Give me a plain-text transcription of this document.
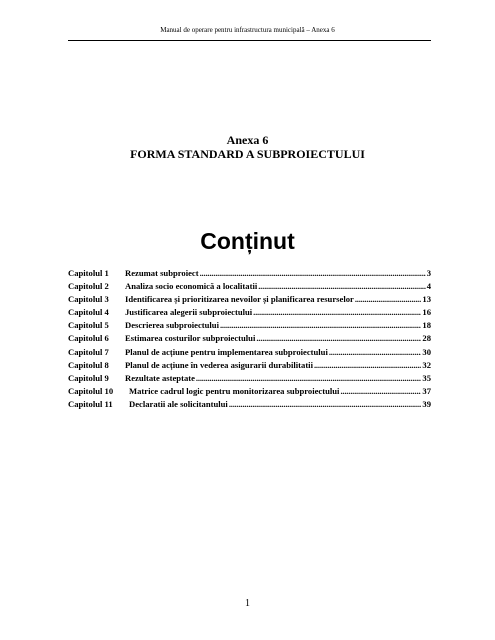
Manual de operare pentru infrastructura municipală – Anexa 6
Anexa 6
FORMA STANDARD A SUBPROIECTULUI
Conținut
Capitolul 1	Rezumat subproiect .....	3
Capitolul 2	Analiza socio economică a localitatii .....	4
Capitolul 3	Identificarea și prioritizarea nevoilor și planificarea resurselor .....	13
Capitolul 4	Justificarea alegerii subproiectului .....	16
Capitolul 5	Descrierea subproiectului .....	18
Capitolul 6	Estimarea costurilor subproiectului .....	28
Capitolul 7	Planul de acțiune pentru implementarea subproiectului .....	30
Capitolul 8	Planul de acțiune în vederea asigurarii durabilitatii .....	32
Capitolul 9	Rezultate asteptate .....	35
Capitolul 10	Matrice cadrul logic pentru monitorizarea subproiectului .....	37
Capitolul 11	Declaratii ale solicitantului .....	39
1
